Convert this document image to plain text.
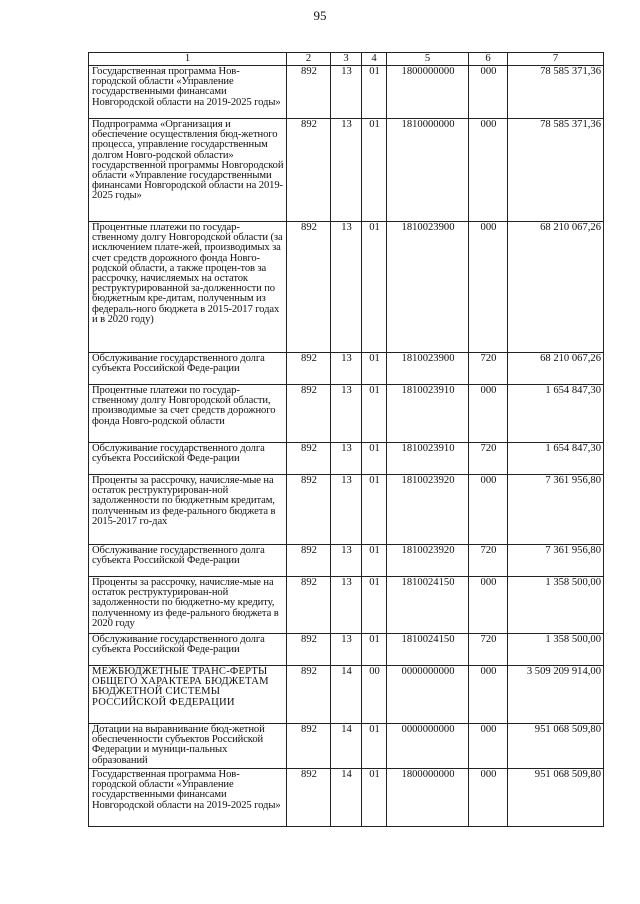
95
1	2	3	4	5	6	7
Государственная программа Нов-городской области «Управление государственными финансами Новгородской области на 2019-2025 годы»	892	13	01	1800000000	000	78 585 371,36
Подпрограмма «Организация и обеспечение осуществления бюд-жетного процесса, управление государственным долгом Новго-родской области» государственной программы Новгородской области «Управление государственными финансами Новгородской области на 2019-2025 годы»	892	13	01	1810000000	000	78 585 371,36
Процентные платежи по государ-ственному долгу Новгородской области (за исключением плате-жей, производимых за счет средств дорожного фонда Новго-родской области, а также процен-тов за рассрочку, начисляемых на остаток реструктурированной за-долженности по бюджетным кре-дитам, полученным из федераль-ного бюджета в 2015-2017 годах и в 2020 году)	892	13	01	1810023900	000	68 210 067,26
Обслуживание государственного долга субъекта Российской Феде-рации	892	13	01	1810023900	720	68 210 067,26
Процентные платежи по государ-ственному долгу Новгородской области, производимые за счет средств дорожного фонда Новго-родской области	892	13	01	1810023910	000	1 654 847,30
Обслуживание государственного долга субъекта Российской Феде-рации	892	13	01	1810023910	720	1 654 847,30
Проценты за рассрочку, начисляе-мые на остаток реструктурирован-ной задолженности по бюджетным кредитам, полученным из феде-рального бюджета в 2015-2017 го-дах	892	13	01	1810023920	000	7 361 956,80
Обслуживание государственного долга субъекта Российской Феде-рации	892	13	01	1810023920	720	7 361 956,80
Проценты за рассрочку, начисляе-мые на остаток реструктурирован-ной задолженности по бюджетно-му кредиту, полученному из феде-рального бюджета в 2020 году	892	13	01	1810024150	000	1 358 500,00
Обслуживание государственного долга субъекта Российской Феде-рации	892	13	01	1810024150	720	1 358 500,00
МЕЖБЮДЖЕТНЫЕ ТРАНС-ФЕРТЫ ОБЩЕГО ХАРАКТЕРА БЮДЖЕТАМ БЮДЖЕТНОЙ СИСТЕМЫ РОССИЙСКОЙ ФЕДЕРАЦИИ	892	14	00	0000000000	000	3 509 209 914,00
Дотации на выравнивание бюд-жетной обеспеченности субъектов Российской Федерации и муници-пальных образований	892	14	01	0000000000	000	951 068 509,80
Государственная программа Нов-городской области «Управление государственными финансами Новгородской области на 2019-2025 годы»	892	14	01	1800000000	000	951 068 509,80
